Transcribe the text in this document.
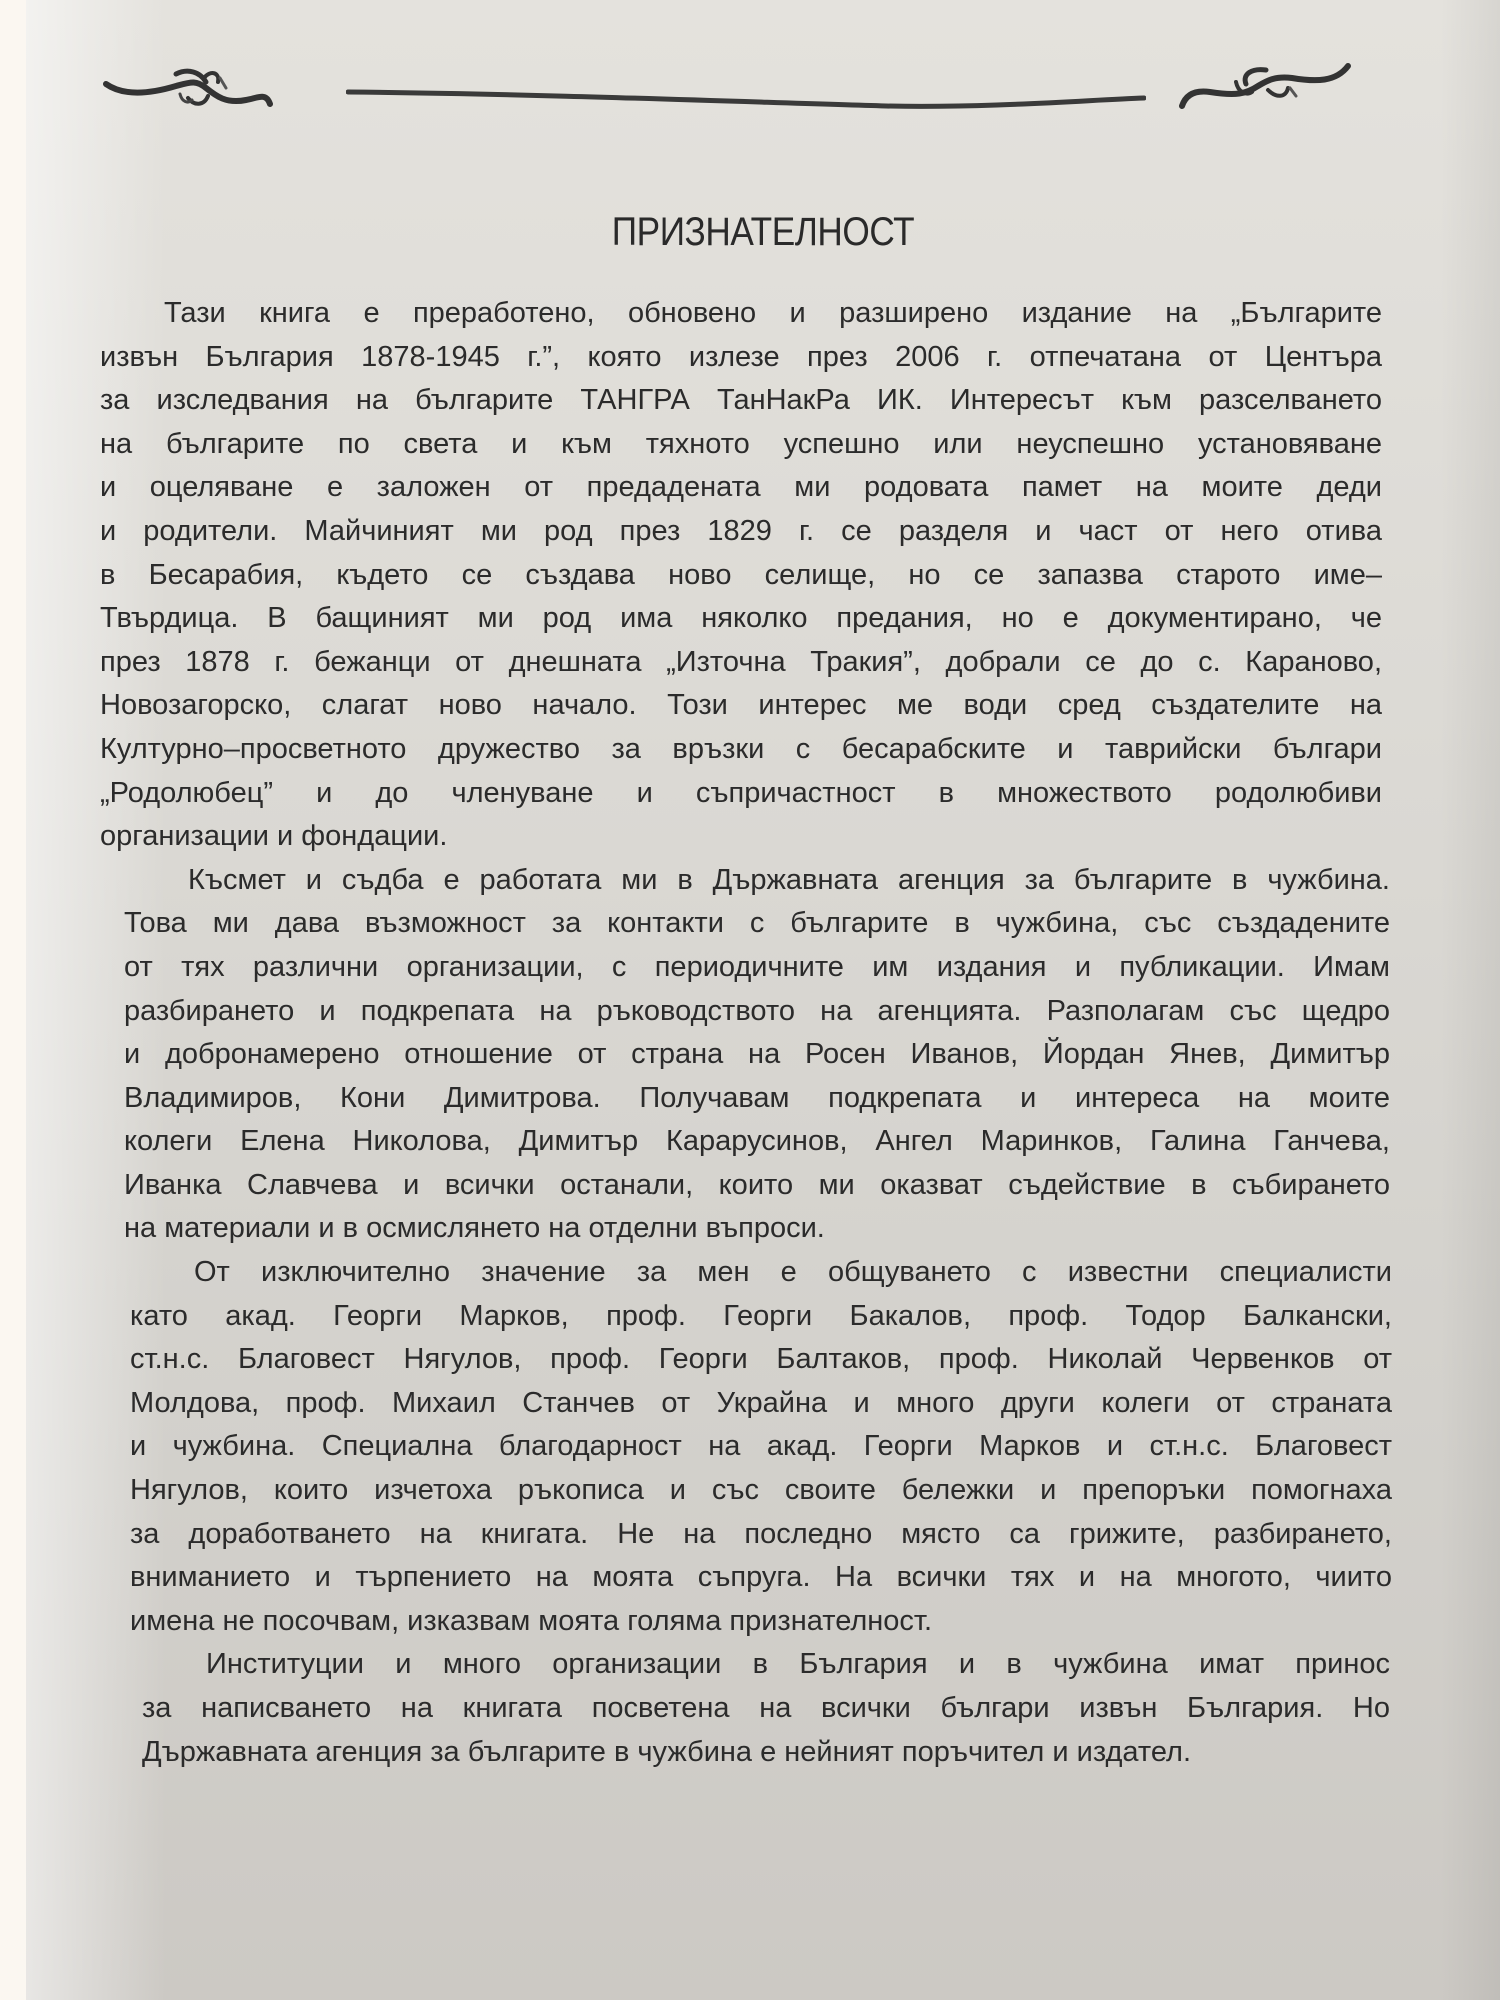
ПРИЗНАТЕЛНОСТ
Тази книга е преработено, обновено и разширено издание на „Българите
извън България 1878-1945 г.”, която излезе през 2006 г. отпечатана от Центъра
за изследвания на българите ТАНГРА ТанНакРа ИК. Интересът към разселването
на българите по света и към тяхното успешно или неуспешно установяване
и оцеляване е заложен от предадената ми родовата памет на моите деди
и родители. Майчиният ми род през 1829 г. се разделя и част от него отива
в Бесарабия, където се създава ново селище, но се запазва старото име–
Твърдица. В бащиният ми род има няколко предания, но е документирано, че
през 1878 г. бежанци от днешната „Източна Тракия”, добрали се до с. Караново,
Новозагорско, слагат ново начало. Този интерес ме води сред създателите на
Културно–просветното дружество за връзки с бесарабските и таврийски българи
„Родолюбец” и до членуване и съпричастност в множеството родолюбиви
организации и фондации.
Късмет и съдба е работата ми в Държавната агенция за българите в чужбина.
Това ми дава възможност за контакти с българите в чужбина, със създадените
от тях различни организации, с периодичните им издания и публикации. Имам
разбирането и подкрепата на ръководството на агенцията. Разполагам със щедро
и добронамерено отношение от страна на Росен Иванов, Йордан Янев, Димитър
Владимиров, Кони Димитрова. Получавам подкрепата и интереса на моите
колеги Елена Николова, Димитър Карарусинов, Ангел Маринков, Галина Ганчева,
Иванка Славчева и всички останали, които ми оказват съдействие в събирането
на материали и в осмислянето на отделни въпроси.
От изключително значение за мен е общуването с известни специалисти
като акад. Георги Марков, проф. Георги Бакалов, проф. Тодор Балкански,
ст.н.с. Благовест Нягулов, проф. Георги Балтаков, проф. Николай Червенков от
Молдова, проф. Михаил Станчев от Украйна и много други колеги от страната
и чужбина. Специална благодарност на акад. Георги Марков и ст.н.с. Благовест
Нягулов, които изчетоха ръкописа и със своите бележки и препоръки помогнаха
за доработването на книгата. Не на последно място са грижите, разбирането,
вниманието и търпението на моята съпруга. На всички тях и на многото, чиито
имена не посочвам, изказвам моята голяма признателност.
Институции и много организации в България и в чужбина имат принос
за написването на книгата посветена на всички българи извън България. Но
Държавната агенция за българите в чужбина е нейният поръчител и издател.
